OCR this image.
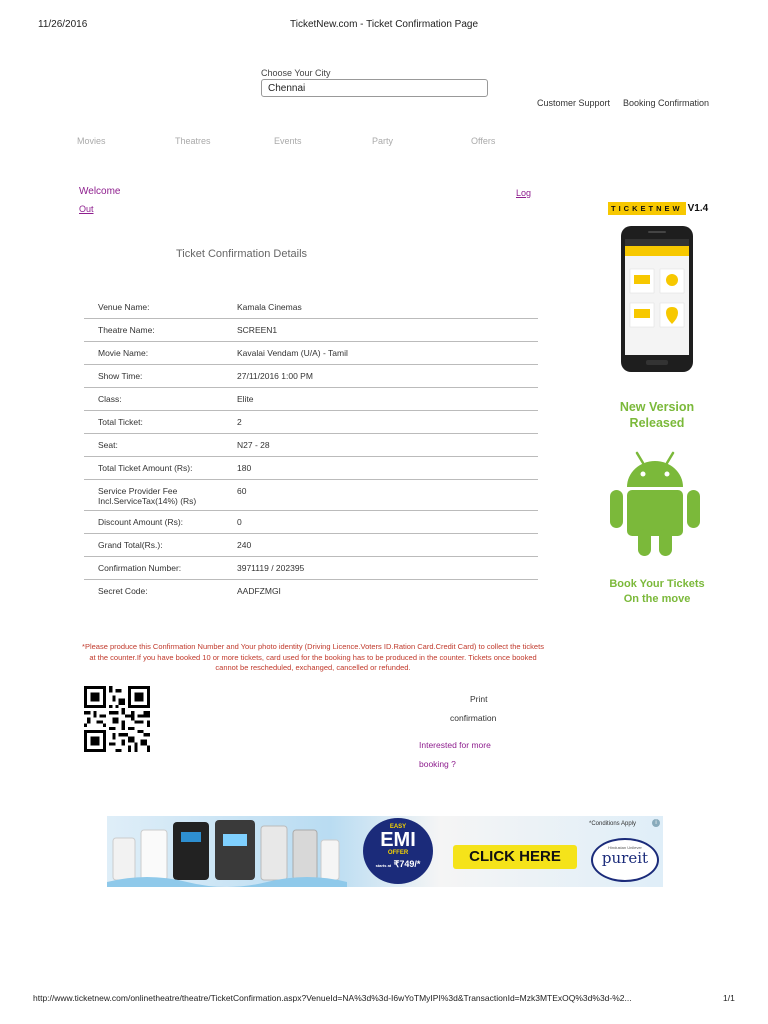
11/26/2016	TicketNew.com - Ticket Confirmation Page
Choose Your City
Chennai
Customer Support Booking Confirmation
Movies	Theatres	Events	Party	Offers
Welcome	Log
Out
Ticket Confirmation Details
Venue Name:	Kamala Cinemas
Theatre Name:	SCREEN1
Movie Name:	Kavalai Vendam (U/A) - Tamil
Show Time:	27/11/2016 1:00 PM
Class:	Elite
Total Ticket:	2
Seat:	N27 - 28
Total Ticket Amount (Rs):	180
Service Provider Fee Incl.ServiceTax(14%) (Rs)	60
Discount Amount (Rs):	0
Grand Total(Rs.):	240
Confirmation Number:	3971119 / 202395
Secret Code:	AADFZMGI
*Please produce this Confirmation Number and Your photo identity (Driving Licence.Voters ID.Ration Card.Credit Card) to collect the tickets at the counter.If you have booked 10 or more tickets, card used for the booking has to be produced in the counter. Tickets once booked cannot be rescheduled, exchanged, cancelled or refunded.
Print
confirmation
Interested for more
booking ?
TICKETNEW V1.4
New Version
Released
Book Your Tickets
On the move
EASY
EMI
OFFER
starts at ₹749/*	CLICK HERE
*Conditions Apply
Hindustan Unilever
pureit
i
http://www.ticketnew.com/onlinetheatre/theatre/TicketConfirmation.aspx?VenueId=NA%3d%3d-I6wYoTMyIPI%3d&TransactionId=Mzk3MTExOQ%3d%3d-%2...	1/1
